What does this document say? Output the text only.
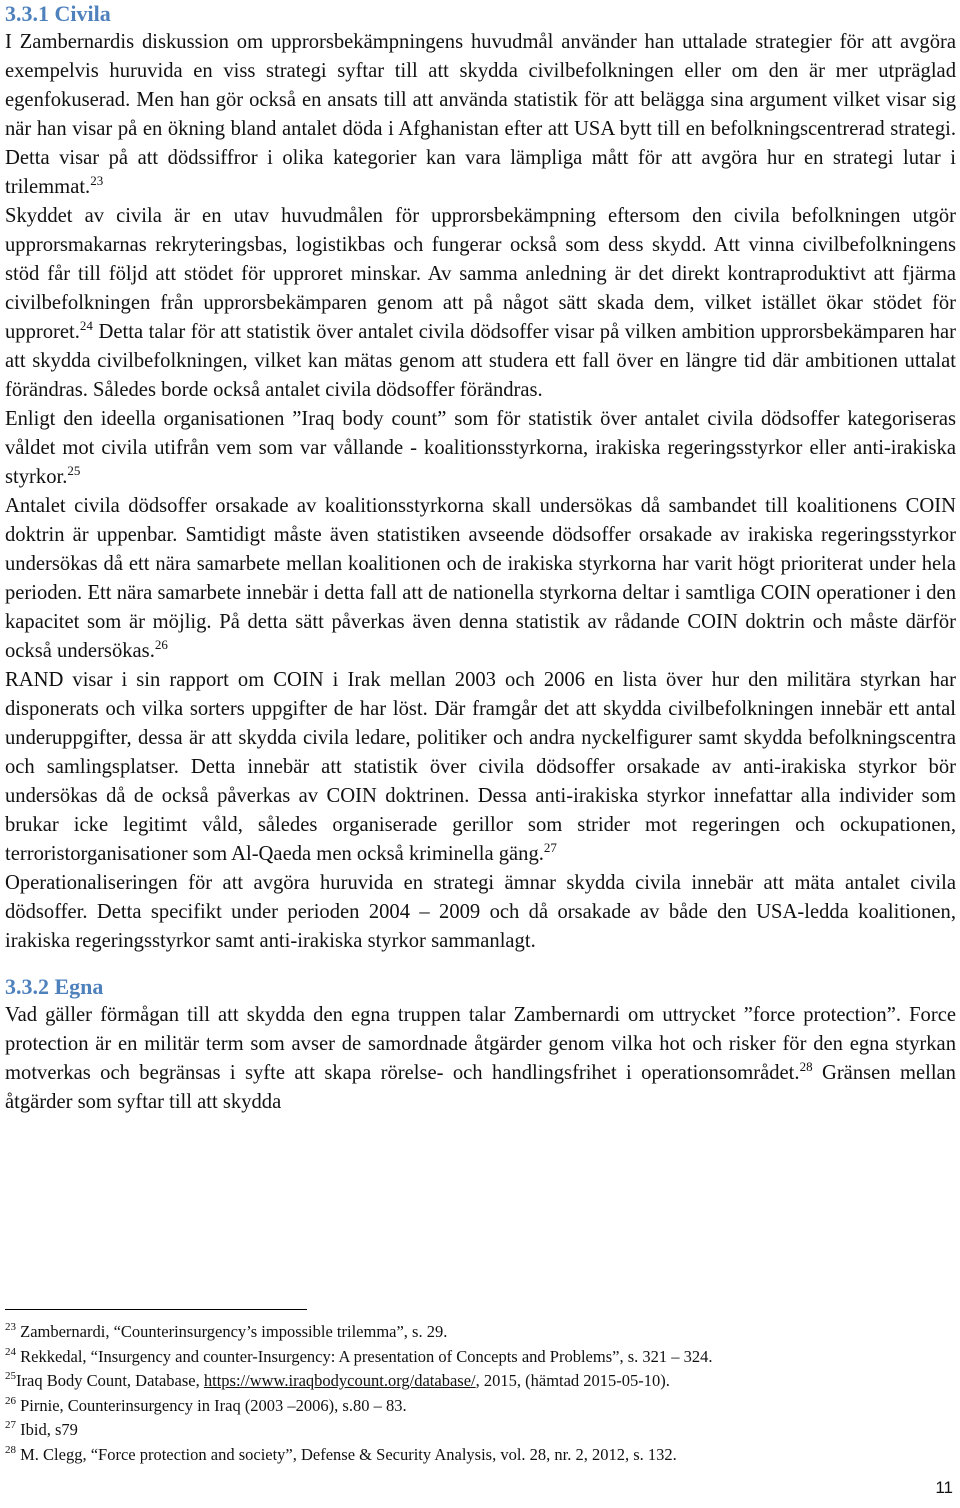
3.3.1 Civila

I Zambernardis diskussion om upprorsbekämpningens huvudmål använder han uttalade strategier för att avgöra exempelvis huruvida en viss strategi syftar till att skydda civilbefolkningen eller om den är mer utpräglad egenfokuserad. Men han gör också en ansats till att använda statistik för att belägga sina argument vilket visar sig när han visar på en ökning bland antalet döda i Afghanistan efter att USA bytt till en befolkningscentrerad strategi. Detta visar på att dödssiffror i olika kategorier kan vara lämpliga mått för att avgöra hur en strategi lutar i trilemmat.$^{23}$

Skyddet av civila är en utav huvudmålen för upprorsbekämpning eftersom den civila befolkningen utgör upprorsmakarnas rekryteringsbas, logistikbas och fungerar också som dess skydd. Att vinna civilbefolkningens stöd får till följd att stödet för upproret minskar. Av samma anledning är det direkt kontraproduktivt att fjärma civilbefolkningen från upprorsbekämparen genom att på något sätt skada dem, vilket istället ökar stödet för upproret.$^{24}$ Detta talar för att statistik över antalet civila dödsoffer visar på vilken ambition upprorsbekämparen har att skydda civilbefolkningen, vilket kan mätas genom att studera ett fall över en längre tid där ambitionen uttalat förändras. Således borde också antalet civila dödsoffer förändras.

Enligt den ideella organisationen ”Iraq body count” som för statistik över antalet civila dödsoffer kategoriseras våldet mot civila utifrån vem som var vållande - koalitionsstyrkorna, irakiska regeringsstyrkor eller anti-irakiska styrkor.$^{25}$

Antalet civila dödsoffer orsakade av koalitionsstyrkorna skall undersökas då sambandet till koalitionens COIN doktrin är uppenbar. Samtidigt måste även statistiken avseende dödsoffer orsakade av irakiska regeringsstyrkor undersökas då ett nära samarbete mellan koalitionen och de irakiska styrkorna har varit högt prioriterat under hela perioden. Ett nära samarbete innebär i detta fall att de nationella styrkorna deltar i samtliga COIN operationer i den kapacitet som är möjlig. På detta sätt påverkas även denna statistik av rådande COIN doktrin och måste därför också undersökas.$^{26}$

RAND visar i sin rapport om COIN i Irak mellan 2003 och 2006 en lista över hur den militära styrkan har disponerats och vilka sorters uppgifter de har löst. Där framgår det att skydda civilbefolkningen innebär ett antal underuppgifter, dessa är att skydda civila ledare, politiker och andra nyckelfigurer samt skydda befolkningscentra och samlingsplatser. Detta innebär att statistik över civila dödsoffer orsakade av anti-irakiska styrkor bör undersökas då de också påverkas av COIN doktrinen. Dessa anti-irakiska styrkor innefattar alla individer som brukar icke legitimt våld, således organiserade gerillor som strider mot regeringen och ockupationen, terroristorganisationer som Al-Qaeda men också kriminella gäng.$^{27}$

Operationaliseringen för att avgöra huruvida en strategi ämnar skydda civila innebär att mäta antalet civila dödsoffer. Detta specifikt under perioden 2004 – 2009 och då orsakade av både den USA-ledda koalitionen, irakiska regeringsstyrkor samt anti-irakiska styrkor sammanlagt.

3.3.2 Egna

Vad gäller förmågan till att skydda den egna truppen talar Zambernardi om uttrycket ”force protection”. Force protection är en militär term som avser de samordnade åtgärder genom vilka hot och risker för den egna styrkan motverkas och begränsas i syfte att skapa rörelse- och handlingsfrihet i operationsområdet.$^{28}$ Gränsen mellan åtgärder som syftar till att skydda

$^{23}$ Zambernardi, “Counterinsurgency’s impossible trilemma”, s. 29.

$^{24}$ Rekkedal, “Insurgency and counter-Insurgency: A presentation of Concepts and Problems”, s. 321 – 324.

$^{25}$Iraq Body Count, Database, https://www.iraqbodycount.org/database/, 2015, (hämtad 2015-05-10).

$^{26}$ Pirnie, Counterinsurgency in Iraq (2003 –2006), s.80 – 83.

$^{27}$ Ibid, s79

$^{28}$ M. Clegg, “Force protection and society”, Defense & Security Analysis, vol. 28, nr. 2, 2012, s. 132.

11
